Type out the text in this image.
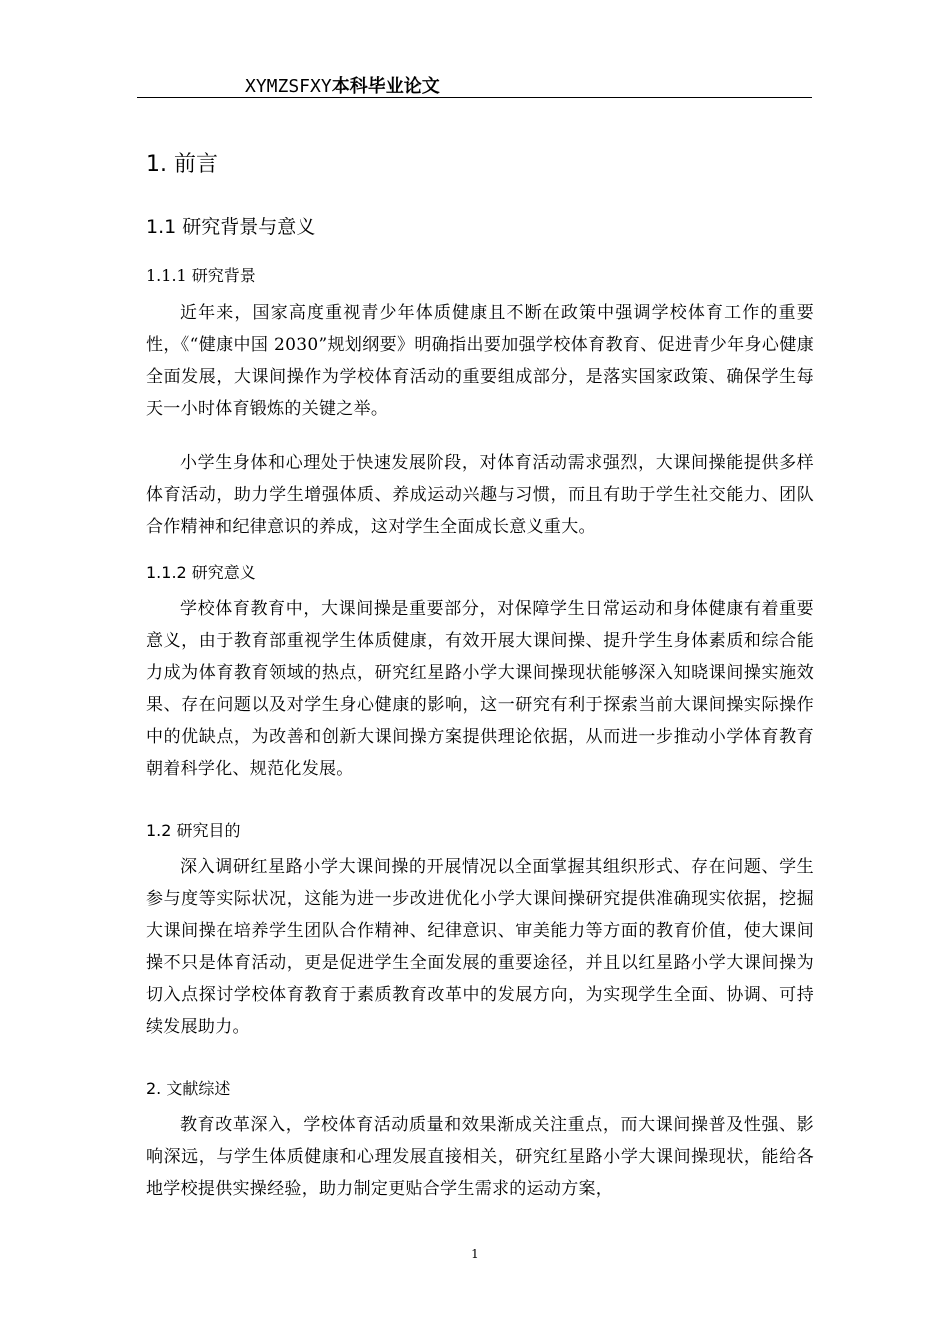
XYMZSFXY本科毕业论文
1. 前言
1.1 研究背景与意义
1.1.1 研究背景
近年来，国家高度重视青少年体质健康且不断在政策中强调学校体育工作的重要性，《“健康中国 2030”规划纲要》明确指出要加强学校体育教育、促进青少年身心健康全面发展，大课间操作为学校体育活动的重要组成部分，是落实国家政策、确保学生每天一小时体育锻炼的关键之举。
小学生身体和心理处于快速发展阶段，对体育活动需求强烈，大课间操能提供多样体育活动，助力学生增强体质、养成运动兴趣与习惯，而且有助于学生社交能力、团队合作精神和纪律意识的养成，这对学生全面成长意义重大。
1.1.2 研究意义
学校体育教育中，大课间操是重要部分，对保障学生日常运动和身体健康有着重要意义，由于教育部重视学生体质健康，有效开展大课间操、提升学生身体素质和综合能力成为体育教育领域的热点，研究红星路小学大课间操现状能够深入知晓课间操实施效果、存在问题以及对学生身心健康的影响，这一研究有利于探索当前大课间操实际操作中的优缺点，为改善和创新大课间操方案提供理论依据，从而进一步推动小学体育教育朝着科学化、规范化发展。
1.2 研究目的
深入调研红星路小学大课间操的开展情况以全面掌握其组织形式、存在问题、学生参与度等实际状况，这能为进一步改进优化小学大课间操研究提供准确现实依据，挖掘大课间操在培养学生团队合作精神、纪律意识、审美能力等方面的教育价值，使大课间操不只是体育活动，更是促进学生全面发展的重要途径，并且以红星路小学大课间操为切入点探讨学校体育教育于素质教育改革中的发展方向，为实现学生全面、协调、可持续发展助力。
2. 文献综述
教育改革深入，学校体育活动质量和效果渐成关注重点，而大课间操普及性强、影响深远，与学生体质健康和心理发展直接相关，研究红星路小学大课间操现状，能给各地学校提供实操经验，助力制定更贴合学生需求的运动方案，
1
